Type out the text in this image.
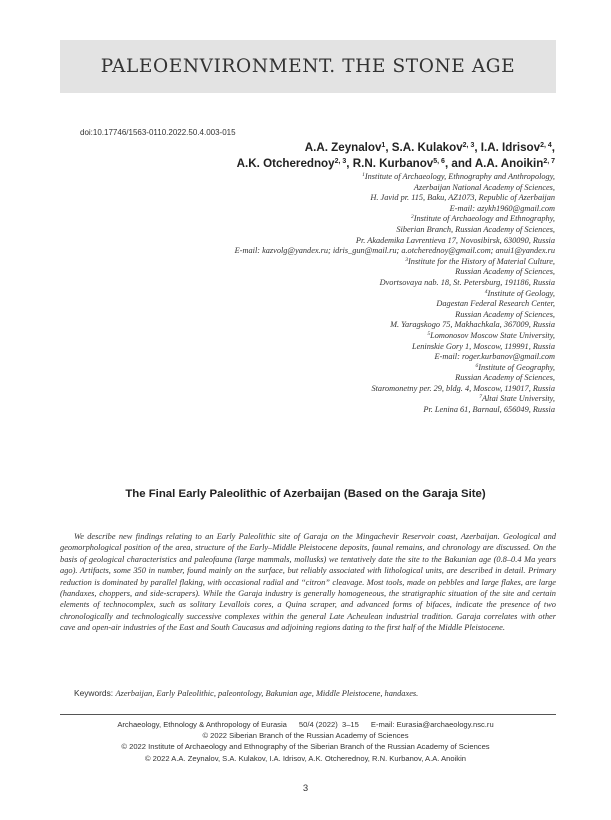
PALEOENVIRONMENT. THE STONE AGE
doi:10.17746/1563-0110.2022.50.4.003-015
A.A. Zeynalov$^1$, S.A. Kulakov$^{2, 3}$, I.A. Idrisov$^{2, 4}$,
A.K. Otcherednoy$^{2, 3}$, R.N. Kurbanov$^{5, 6}$, and A.A. Anoikin$^{2, 7}$
$^1$Institute of Archaeology, Ethnography and Anthropology,
Azerbaijan National Academy of Sciences,
H. Javid pr. 115, Baku, AZ1073, Republic of Azerbaijan
E-mail: azykh1960@gmail.com
$^2$Institute of Archaeology and Ethnography,
Siberian Branch, Russian Academy of Sciences,
Pr. Akademika Lavrentieva 17, Novosibirsk, 630090, Russia
E-mail: kazvolg@yandex.ru; idris_gun@mail.ru; a.otcherednoy@gmail.com; anui1@yandex.ru
$^3$Institute for the History of Material Culture,
Russian Academy of Sciences,
Dvortsovaya nab. 18, St. Petersburg, 191186, Russia
$^4$Institute of Geology,
Dagestan Federal Research Center,
Russian Academy of Sciences,
M. Yaragskogo 75, Makhachkala, 367009, Russia
$^5$Lomonosov Moscow State University,
Leninskie Gory 1, Moscow, 119991, Russia
E-mail: roger.kurbanov@gmail.com
$^6$Institute of Geography,
Russian Academy of Sciences,
Staromonetny per. 29, bldg. 4, Moscow, 119017, Russia
$^7$Altai State University,
Pr. Lenina 61, Barnaul, 656049, Russia
The Final Early Paleolithic of Azerbaijan (Based on the Garaja Site)
We describe new findings relating to an Early Paleolithic site of Garaja on the Mingachevir Reservoir coast, Azerbaijan. Geological and geomorphological position of the area, structure of the Early–Middle Pleistocene deposits, faunal remains, and chronology are discussed. On the basis of geological characteristics and paleofauna (large mammals, mollusks) we tentatively date the site to the Bakunian age (0.8–0.4 Ma years ago). Artifacts, some 350 in number, found mainly on the surface, but reliably associated with lithological units, are described in detail. Primary reduction is dominated by parallel flaking, with occasional radial and “citron” cleavage. Most tools, made on pebbles and large flakes, are large (handaxes, choppers, and side-scrapers). While the Garaja industry is generally homogeneous, the stratigraphic situation of the site and certain elements of technocomplex, such as solitary Levallois cores, a Quina scraper, and advanced forms of bifaces, indicate the presence of two chronologically and technologically successive complexes within the general Late Acheulean industrial tradition. Garaja correlates with other cave and open-air industries of the East and South Caucasus and adjoining regions dating to the first half of the Middle Pleistocene.
Keywords: Azerbaijan, Early Paleolithic, paleontology, Bakunian age, Middle Pleistocene, handaxes.
Archaeology, Ethnology & Anthropology of Eurasia 50/4 (2022) 3–15 E-mail: Eurasia@archaeology.nsc.ru
© 2022 Siberian Branch of the Russian Academy of Sciences
© 2022 Institute of Archaeology and Ethnography of the Siberian Branch of the Russian Academy of Sciences
© 2022 A.A. Zeynalov, S.A. Kulakov, I.A. Idrisov, A.K. Otcherednoy, R.N. Kurbanov, A.A. Anoikin
3
